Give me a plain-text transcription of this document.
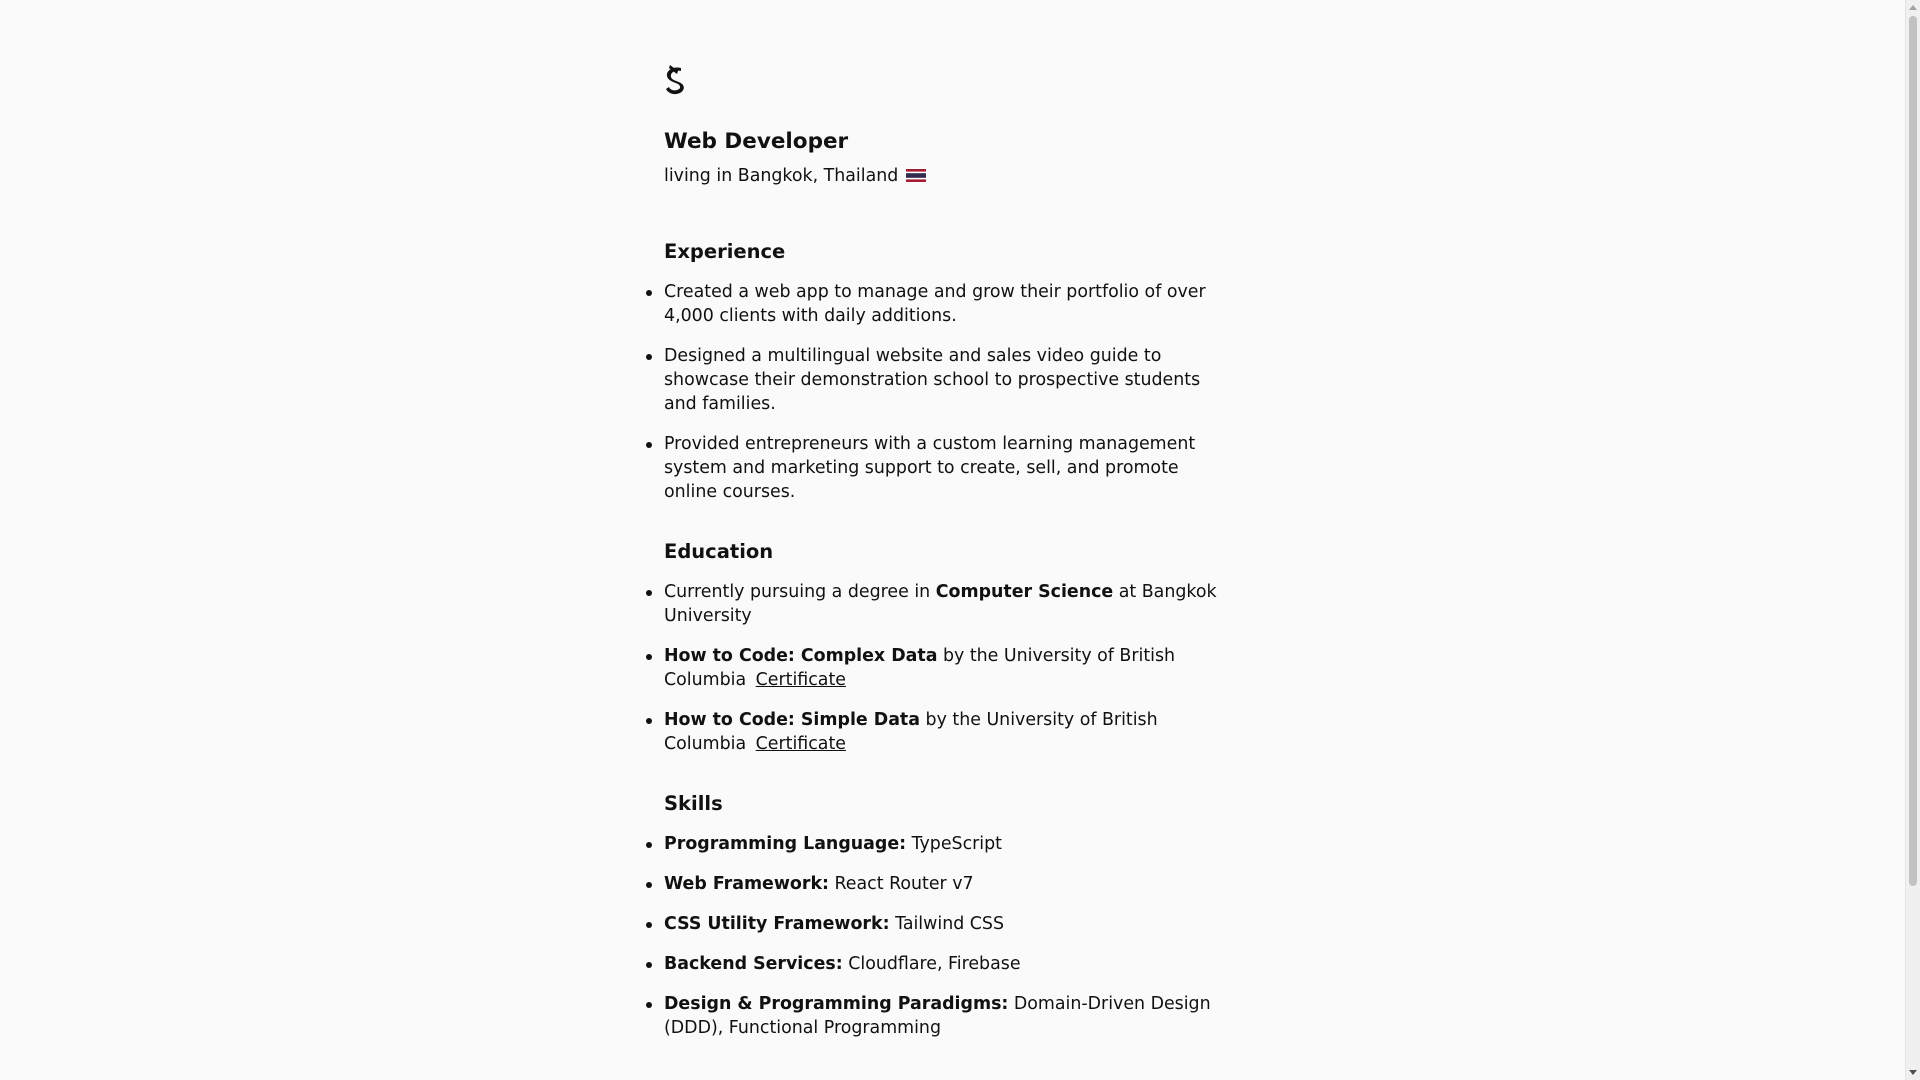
Web Developer
living in Bangkok, Thailand
Experience
Created a web app to manage and grow their portfolio of over 4,000 clients with daily additions.
Designed a multilingual website and sales video guide to showcase their demonstration school to prospective students and families.
Provided entrepreneurs with a custom learning management system and marketing support to create, sell, and promote online courses.
Education
Currently pursuing a degree in Computer Science at Bangkok University
How to Code: Complex Data by the University of British Columbia Certificate
How to Code: Simple Data by the University of British Columbia Certificate
Skills
Programming Language: TypeScript
Web Framework: React Router v7
CSS Utility Framework: Tailwind CSS
Backend Services: Cloudflare, Firebase
Design & Programming Paradigms: Domain-Driven Design (DDD), Functional Programming
